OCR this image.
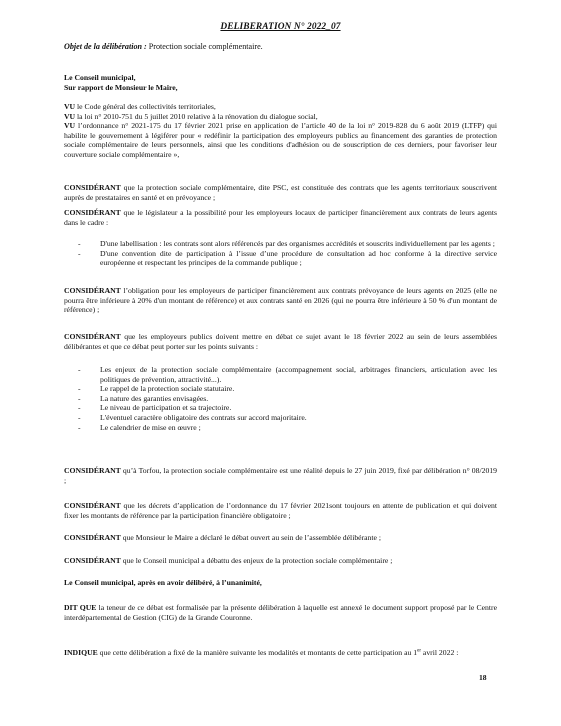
DELIBERATION N° 2022_07
Objet de la délibération : Protection sociale complémentaire.
Le Conseil municipal,
Sur rapport de Monsieur le Maire,
VU le Code général des collectivités territoriales,
VU la loi n° 2010-751 du 5 juillet 2010 relative à la rénovation du dialogue social,
VU l’ordonnance n° 2021-175 du 17 février 2021 prise en application de l’article 40 de la loi n° 2019-828 du 6 août 2019 (LTFP) qui habilite le gouvernement à légiférer pour « redéfinir la participation des employeurs publics au financement des garanties de protection sociale complémentaire de leurs personnels, ainsi que les conditions d'adhésion ou de souscription de ces derniers, pour favoriser leur couverture sociale complémentaire »,
CONSIDÉRANT que la protection sociale complémentaire, dite PSC, est constituée des contrats que les agents territoriaux souscrivent auprès de prestataires en santé et en prévoyance ;
CONSIDÉRANT que le législateur a la possibilité pour les employeurs locaux de participer financièrement aux contrats de leurs agents dans le cadre :
-	D'une labellisation : les contrats sont alors référencés par des organismes accrédités et souscrits individuellement par les agents ;
-	D'une convention dite de participation à l’issue d’une procédure de consultation ad hoc conforme à la directive service européenne et respectant les principes de la commande publique ;
CONSIDÉRANT l’obligation pour les employeurs de participer financièrement aux contrats prévoyance de leurs agents en 2025 (elle ne pourra être inférieure à 20% d'un montant de référence) et aux contrats santé en 2026 (qui ne pourra être inférieure à 50 % d'un montant de référence) ;
CONSIDÉRANT que les employeurs publics doivent mettre en débat ce sujet avant le 18 février 2022 au sein de leurs assemblées délibérantes et que ce débat peut porter sur les points suivants :
-	Les enjeux de la protection sociale complémentaire (accompagnement social, arbitrages financiers, articulation avec les politiques de prévention, attractivité...).
-	Le rappel de la protection sociale statutaire.
-	La nature des garanties envisagées.
-	Le niveau de participation et sa trajectoire.
-	L'éventuel caractère obligatoire des contrats sur accord majoritaire.
-	Le calendrier de mise en œuvre ;
CONSIDÉRANT qu’à Torfou, la protection sociale complémentaire est une réalité depuis le 27 juin 2019, fixé par délibération n° 08/2019 ;
CONSIDÉRANT que les décrets d’application de l’ordonnance du 17 février 2021sont toujours en attente de publication et qui doivent fixer les montants de référence par la participation financière obligatoire ;
CONSIDÉRANT que Monsieur le Maire a déclaré le débat ouvert au sein de l’assemblée délibérante ;
CONSIDÉRANT que le Conseil municipal a débattu des enjeux de la protection sociale complémentaire ;
Le Conseil municipal, après en avoir délibéré, à l’unanimité,
DIT QUE la teneur de ce débat est formalisée par la présente délibération à laquelle est annexé le document support proposé par le Centre interdépartemental de Gestion (CIG) de la Grande Couronne.
INDIQUE que cette délibération a fixé de la manière suivante les modalités et montants de cette participation au 1er avril 2022 :
18
